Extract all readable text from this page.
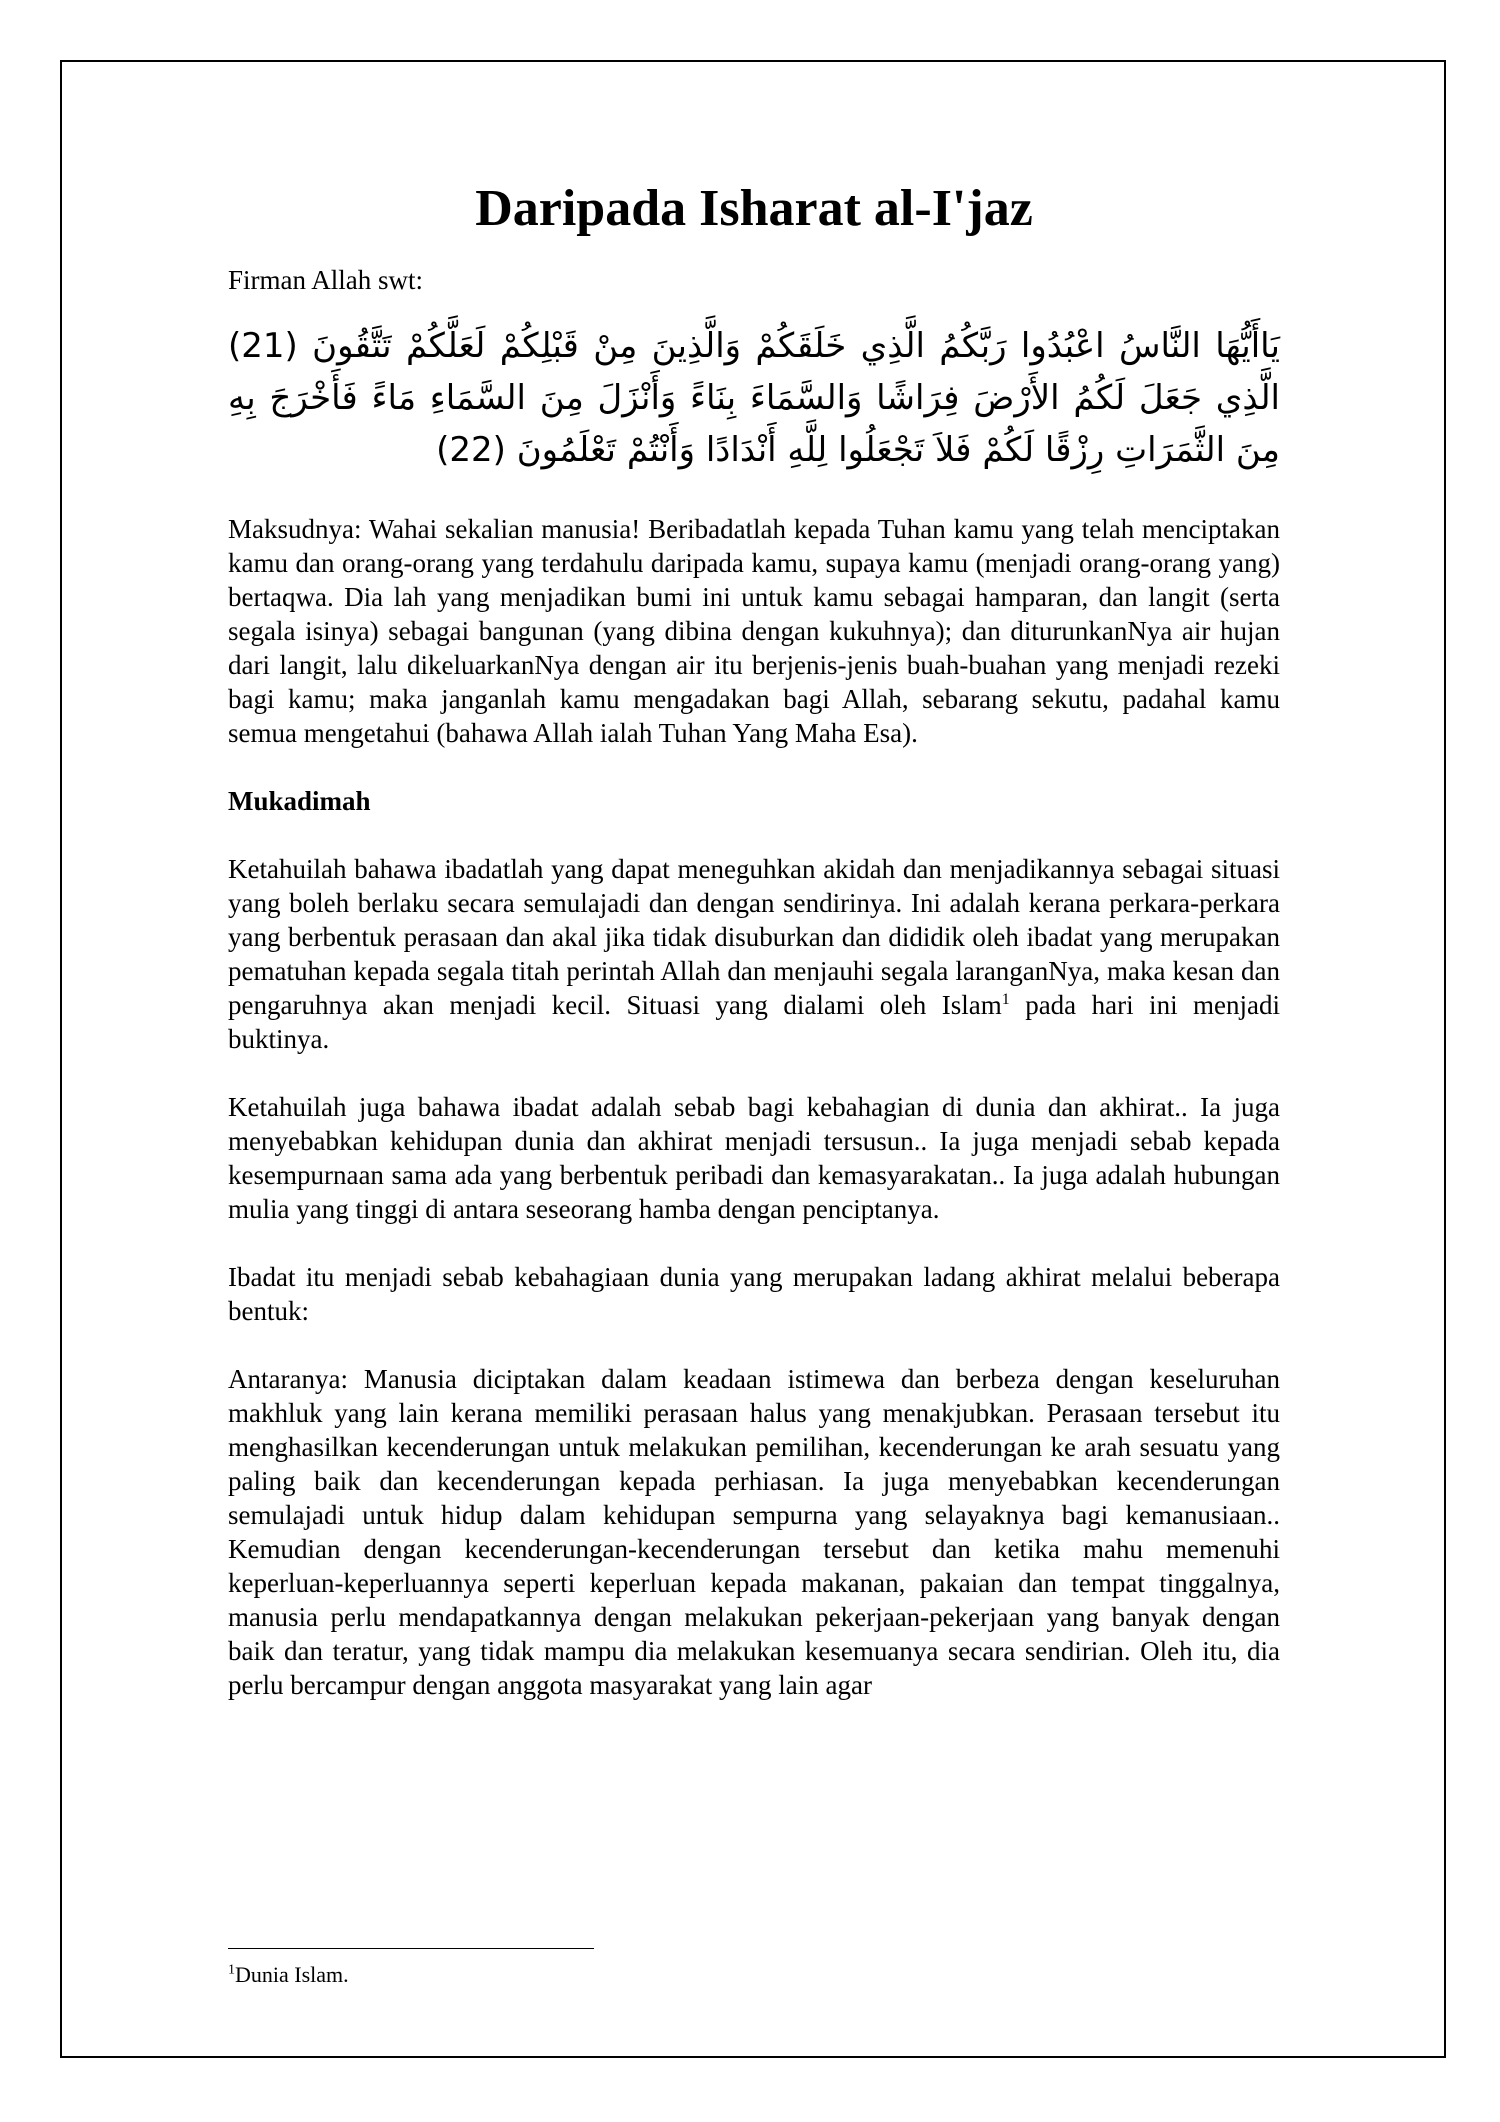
Daripada Isharat al-I'jaz
Firman Allah swt:
يَاأَيُّهَا النَّاسُ اعْبُدُوا رَبَّكُمُ الَّذِي خَلَقَكُمْ وَالَّذِينَ مِنْ قَبْلِكُمْ لَعَلَّكُمْ تَتَّقُونَ (21) الَّذِي جَعَلَ لَكُمُ الأَرْضَ فِرَاشًا وَالسَّمَاءَ بِنَاءً وَأَنْزَلَ مِنَ السَّمَاءِ مَاءً فَأَخْرَجَ بِهِ مِنَ الثَّمَرَاتِ رِزْقًا لَكُمْ فَلاَ تَجْعَلُوا لِلَّهِ أَنْدَادًا وَأَنْتُمْ تَعْلَمُونَ (22)

Maksudnya: Wahai sekalian manusia! Beribadatlah kepada Tuhan kamu yang telah menciptakan kamu dan orang-orang yang terdahulu daripada kamu, supaya kamu (menjadi orang-orang yang) bertaqwa. Dia lah yang menjadikan bumi ini untuk kamu sebagai hamparan, dan langit (serta segala isinya) sebagai bangunan (yang dibina dengan kukuhnya); dan diturunkanNya air hujan dari langit, lalu dikeluarkanNya dengan air itu berjenis-jenis buah-buahan yang menjadi rezeki bagi kamu; maka janganlah kamu mengadakan bagi Allah, sebarang sekutu, padahal kamu semua mengetahui (bahawa Allah ialah Tuhan Yang Maha Esa).

Mukadimah

Ketahuilah bahawa ibadatlah yang dapat meneguhkan akidah dan menjadikannya sebagai situasi yang boleh berlaku secara semulajadi dan dengan sendirinya. Ini adalah kerana perkara-perkara yang berbentuk perasaan dan akal jika tidak disuburkan dan dididik oleh ibadat yang merupakan pematuhan kepada segala titah perintah Allah dan menjauhi segala laranganNya, maka kesan dan pengaruhnya akan menjadi kecil. Situasi yang dialami oleh Islam$^1$ pada hari ini menjadi buktinya.

Ketahuilah juga bahawa ibadat adalah sebab bagi kebahagian di dunia dan akhirat.. Ia juga menyebabkan kehidupan dunia dan akhirat menjadi tersusun.. Ia juga menjadi sebab kepada kesempurnaan sama ada yang berbentuk peribadi dan kemasyarakatan.. Ia juga adalah hubungan mulia yang tinggi di antara seseorang hamba dengan penciptanya.

Ibadat itu menjadi sebab kebahagiaan dunia yang merupakan ladang akhirat melalui beberapa bentuk:

Antaranya: Manusia diciptakan dalam keadaan istimewa dan berbeza dengan keseluruhan makhluk yang lain kerana memiliki perasaan halus yang menakjubkan. Perasaan tersebut itu menghasilkan kecenderungan untuk melakukan pemilihan, kecenderungan ke arah sesuatu yang paling baik dan kecenderungan kepada perhiasan. Ia juga menyebabkan kecenderungan semulajadi untuk hidup dalam kehidupan sempurna yang selayaknya bagi kemanusiaan.. Kemudian dengan kecenderungan-kecenderungan tersebut dan ketika mahu memenuhi keperluan-keperluannya seperti keperluan kepada makanan, pakaian dan tempat tinggalnya, manusia perlu mendapatkannya dengan melakukan pekerjaan-pekerjaan yang banyak dengan baik dan teratur, yang tidak mampu dia melakukan kesemuanya secara sendirian. Oleh itu, dia perlu bercampur dengan anggota masyarakat yang lain agar

$^1$Dunia Islam.
